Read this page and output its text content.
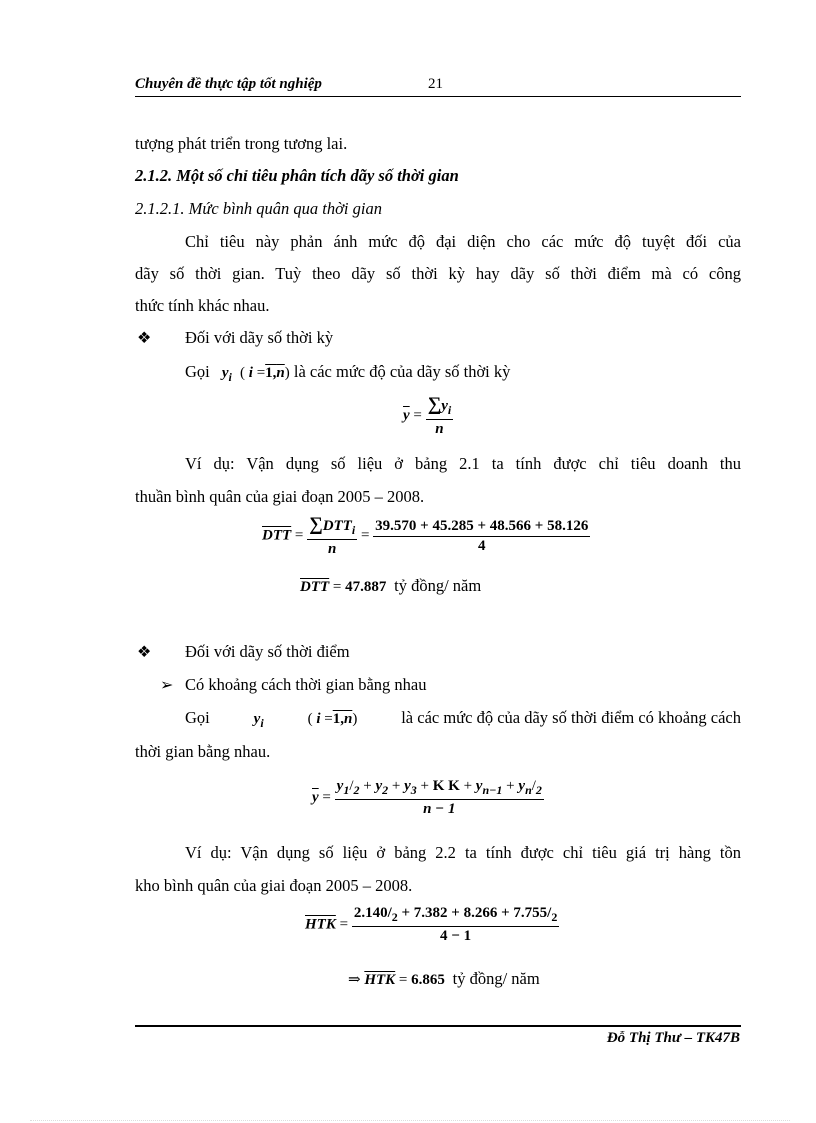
Chuyên đề thực tập tốt nghiệp	21
tượng phát triển trong tương lai.
2.1.2. Một số chỉ tiêu phân tích dãy số thời gian
2.1.2.1. Mức bình quân qua thời gian
Chỉ tiêu này phản ánh mức độ đại diện cho các mức độ tuyệt đối của
dãy số thời gian. Tuỳ theo dãy số thời kỳ hay dãy số thời điểm mà có công
thức tính khác nhau.
❖ Đối với dãy số thời kỳ
Gọi $y_i$ ( i =1,n) là các mức độ của dãy số thời kỳ
$\overline{y} = \frac{\sum y_i}{n}$
Ví dụ: Vận dụng số liệu ở bảng 2.1 ta tính được chỉ tiêu doanh thu
thuần bình quân của giai đoạn 2005 – 2008.
$\overline{DTT} = \frac{\sum DTT_i}{n} = \frac{39.570 + 45.285 + 48.566 + 58.126}{4}$
$\overline{DTT} = 47.887$ tỷ đồng/ năm
❖ Đối với dãy số thời điểm
➢ Có khoảng cách thời gian bằng nhau
Gọi	$y_i$	( i =1,n)	là các mức độ của dãy số thời điểm có khoảng cách
thời gian bằng nhau.
$\overline{y}$ =
$y_1/_2 + y_2 + y_3 + K$ $K + y_{n-1} + y_n/_2$
n − 1
Ví dụ: Vận dụng số liệu ở bảng 2.2 ta tính được chỉ tiêu giá trị hàng tồn
kho bình quân của giai đoạn 2005 – 2008.
$\overline{HTK} = \frac{2.140/_2 + 7.382 + 8.266 + 7.755/_2}{4 - 1}$
⇒ $\overline{HTK} = 6.865$ tỷ đồng/ năm
Đỗ Thị Thư – TK47B
